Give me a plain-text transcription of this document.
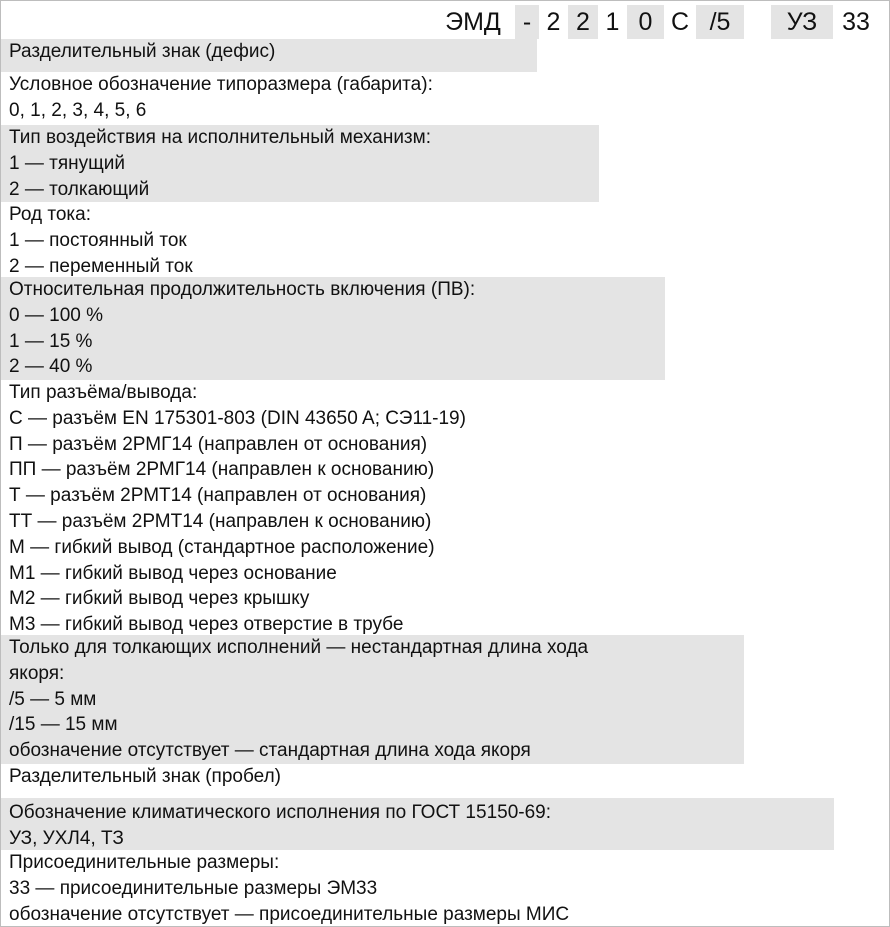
ЭМД - 2 2 1 0 С /5	УЗ 33
Разделительный знак (дефис)
Условное обозначение типоразмера (габарита):
0, 1, 2, 3, 4, 5, 6
Тип воздействия на исполнительный механизм:
1 — тянущий
2 — толкающий
Род тока:
1 — постоянный ток
2 — переменный ток
Относительная продолжительность включения (ПВ):
0 — 100 %
1 — 15 %
2 — 40 %
Тип разъёма/вывода:
С — разъём EN 175301-803 (DIN 43650 A; СЭ11-19)
П — разъём 2РМГ14 (направлен от основания)
ПП — разъём 2РМГ14 (направлен к основанию)
Т — разъём 2РМТ14 (направлен от основания)
ТТ — разъём 2РМТ14 (направлен к основанию)
М — гибкий вывод (стандартное расположение)
М1 — гибкий вывод через основание
М2 — гибкий вывод через крышку
М3 — гибкий вывод через отверстие в трубе
Только для толкающих исполнений — нестандартная длина хода
якоря:
/5 — 5 мм
/15 — 15 мм
обозначение отсутствует — стандартная длина хода якоря
Разделительный знак (пробел)
Обозначение климатического исполнения по ГОСТ 15150-69:
УЗ, УХЛ4, ТЗ
Присоединительные размеры:
33 — присоединительные размеры ЭМ33
обозначение отсутствует — присоединительные размеры МИС
